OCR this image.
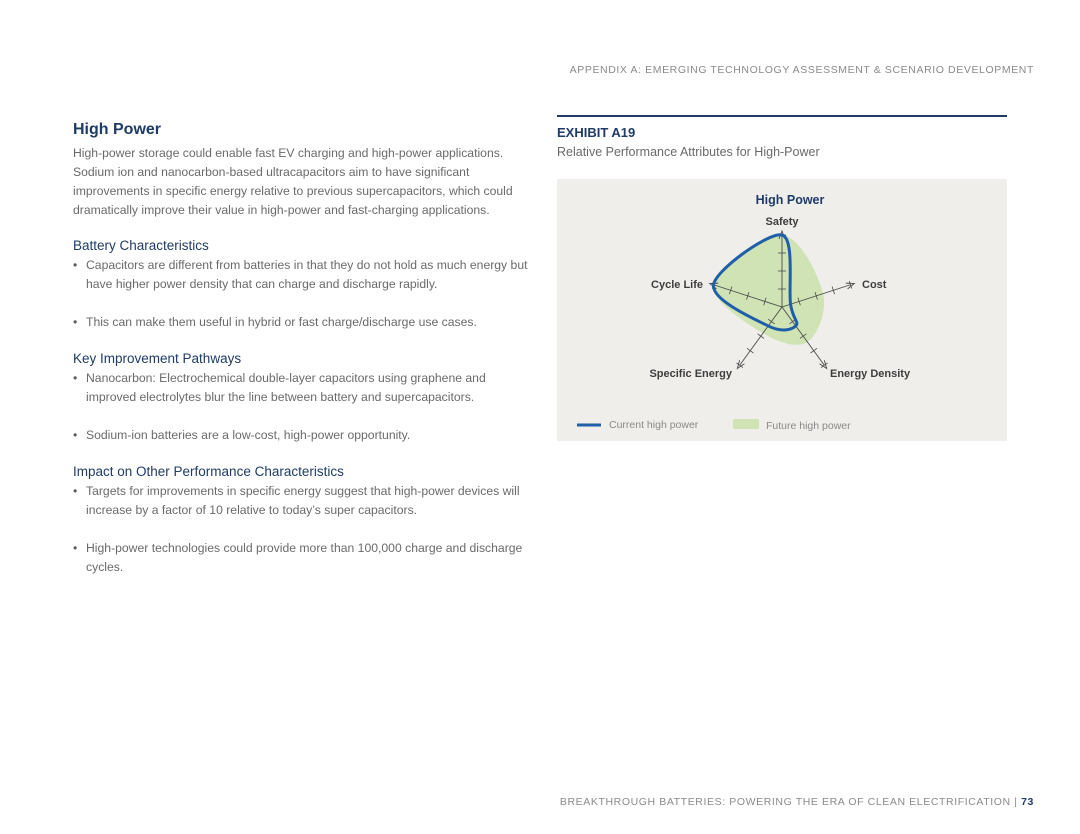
APPENDIX A: EMERGING TECHNOLOGY ASSESSMENT & SCENARIO DEVELOPMENT
High Power

High-power storage could enable fast EV charging and high-power applications. Sodium ion and nanocarbon-based ultracapacitors aim to have significant improvements in specific energy relative to previous supercapacitors, which could dramatically improve their value in high-power and fast-charging applications.

Battery Characteristics
• Capacitors are different from batteries in that they do not hold as much energy but have higher power density that can charge and discharge rapidly.
• This can make them useful in hybrid or fast charge/discharge use cases.
Key Improvement Pathways
• Nanocarbon: Electrochemical double-layer capacitors using graphene and improved electrolytes blur the line between battery and supercapacitors.
• Sodium-ion batteries are a low-cost, high-power opportunity.
Impact on Other Performance Characteristics
• Targets for improvements in specific energy suggest that high-power devices will increase by a factor of 10 relative to today’s super capacitors.
• High-power technologies could provide more than 100,000 charge and discharge cycles.
EXHIBIT A19
Relative Performance Attributes for High-Power
High Power
Safety
Cost
Energy Density
Specific Energy
Cycle Life
Current high power	Future high power
BREAKTHROUGH BATTERIES: POWERING THE ERA OF CLEAN ELECTRIFICATION | 73
